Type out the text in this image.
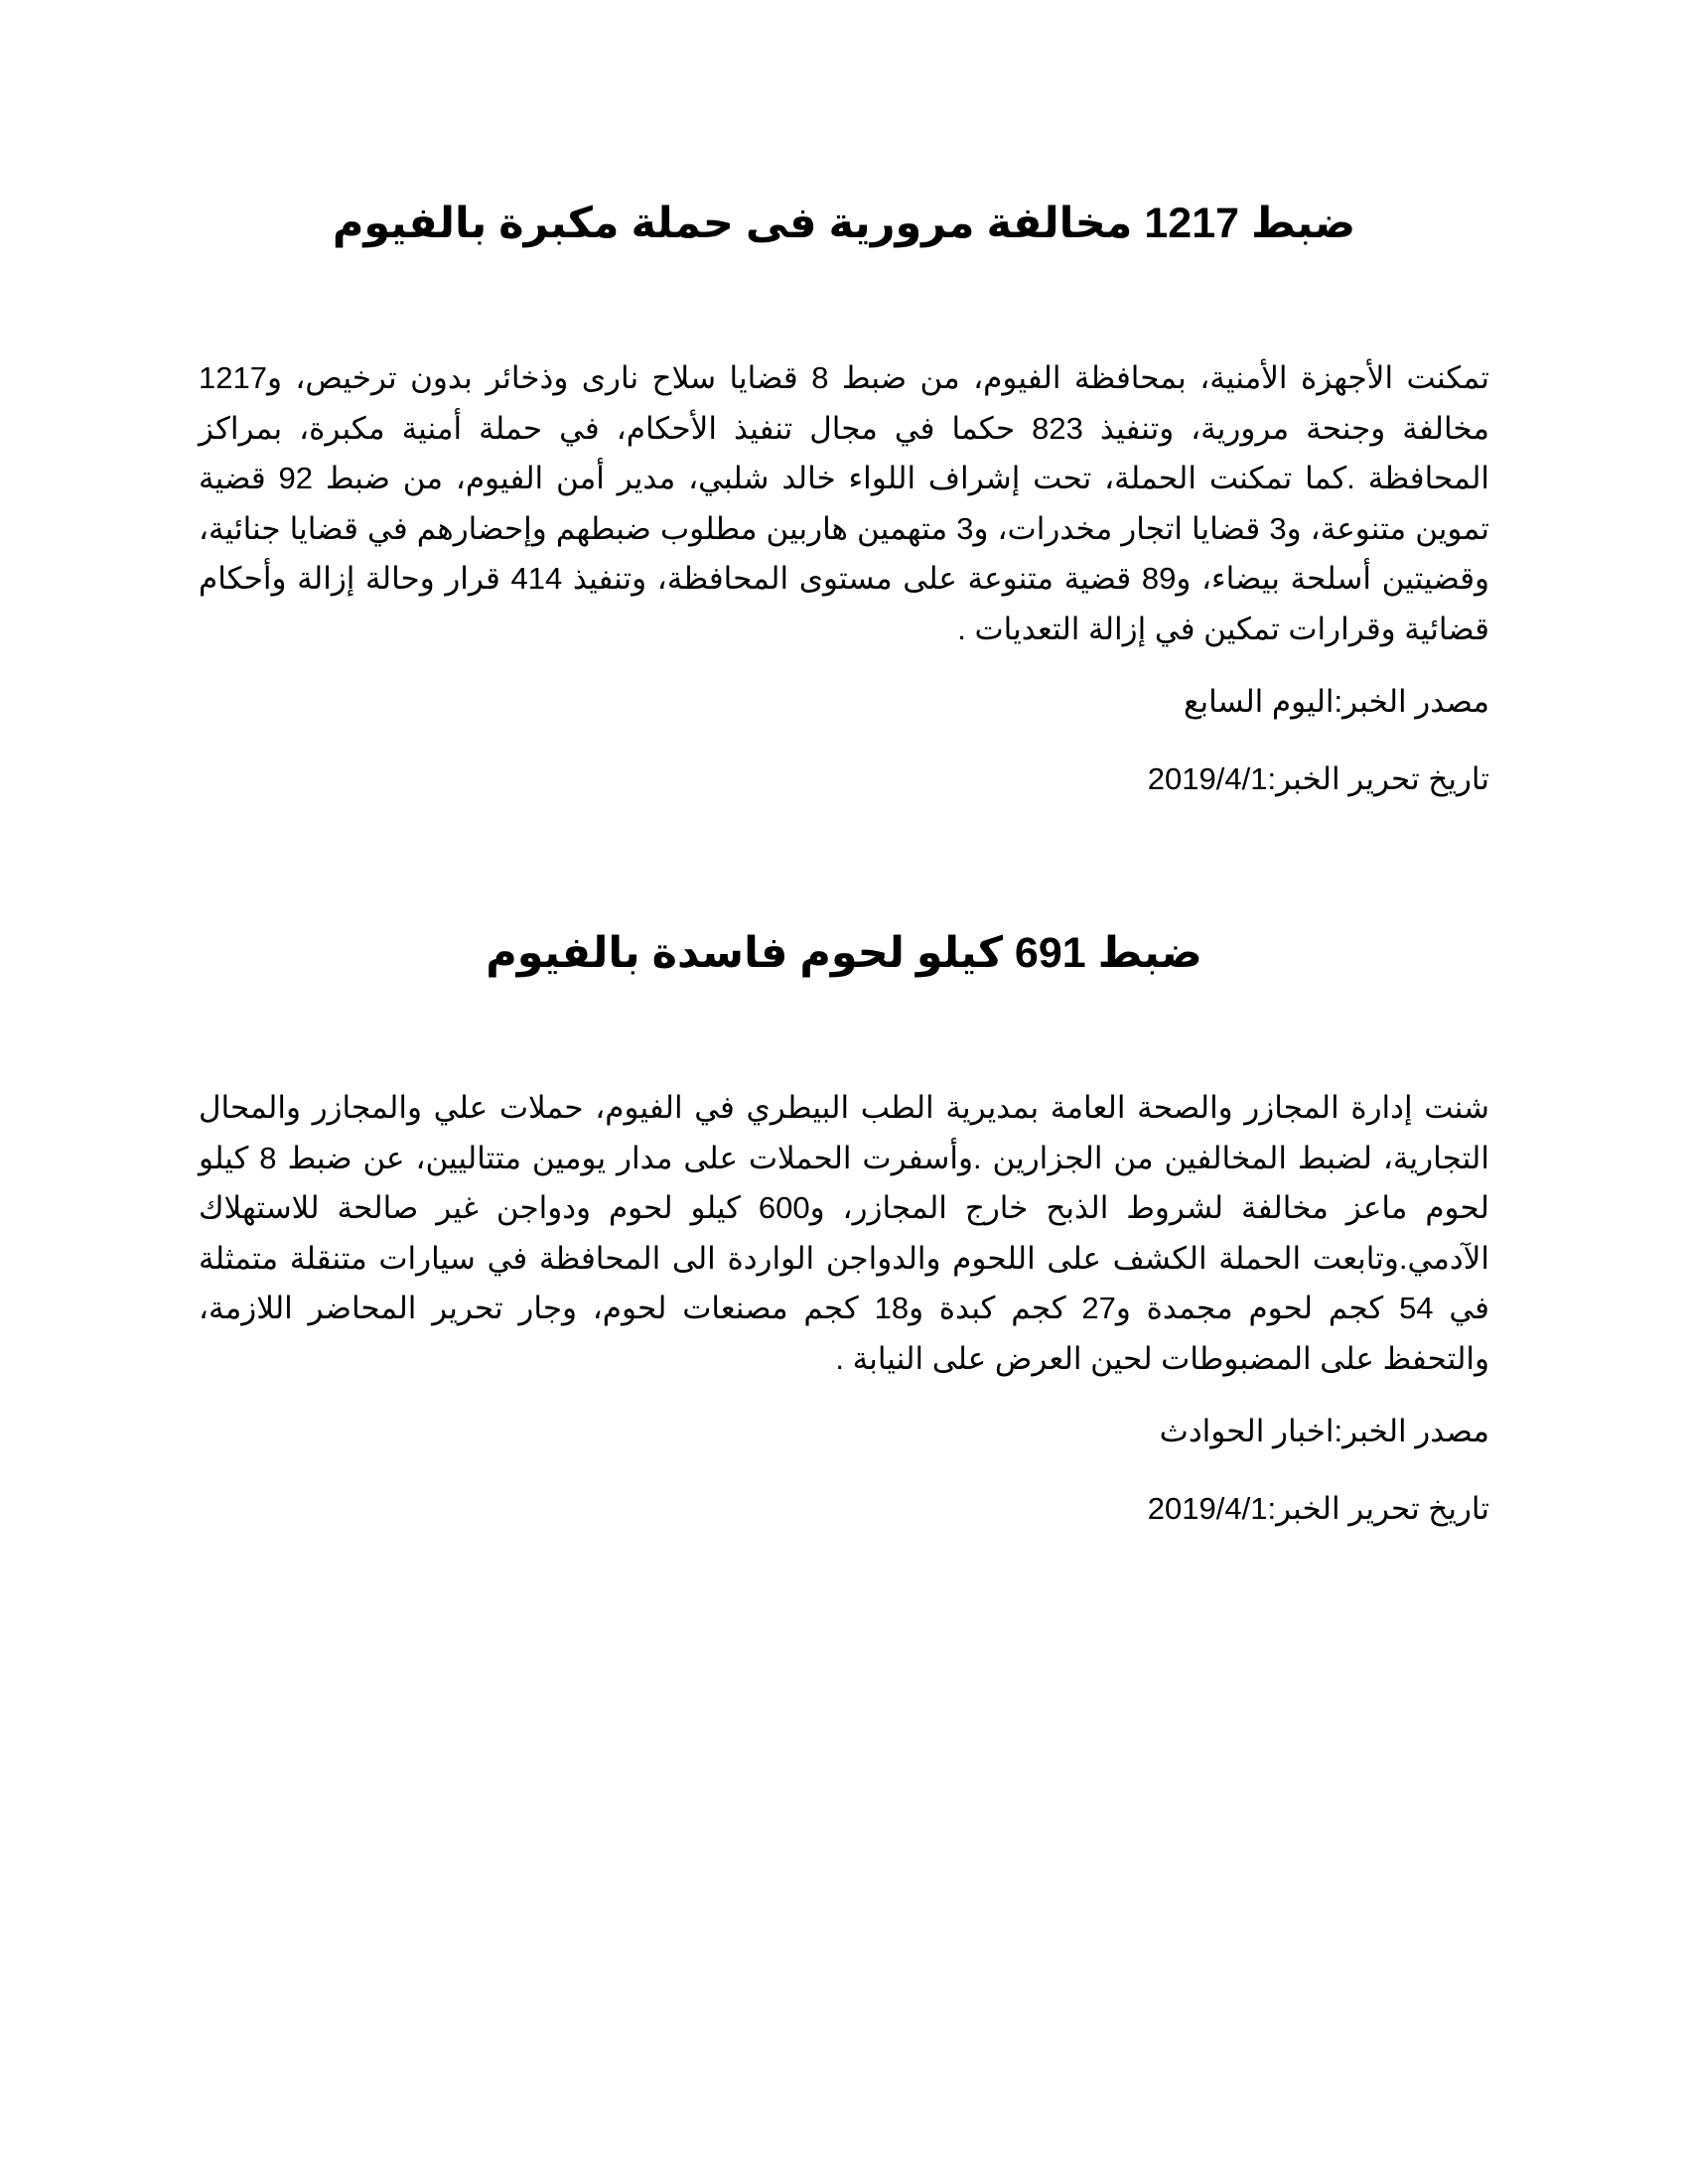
ضبط 1217 مخالفة مرورية فى حملة مكبرة بالفيوم

تمكنت الأجهزة الأمنية، بمحافظة الفيوم، من ضبط 8 قضايا سلاح نارى وذخائر بدون ترخيص، و1217 مخالفة وجنحة مرورية، وتنفيذ 823 حكما في مجال تنفيذ الأحكام، في حملة أمنية مكبرة، بمراكز المحافظة .كما تمكنت الحملة، تحت إشراف اللواء خالد شلبي، مدير أمن الفيوم، من ضبط 92 قضية تموين متنوعة، و3 قضايا اتجار مخدرات، و3 متهمين هاربين مطلوب ضبطهم وإحضارهم في قضايا جنائية، وقضيتين أسلحة بيضاء، و89 قضية متنوعة على مستوى المحافظة، وتنفيذ 414 قرار وحالة إزالة وأحكام قضائية وقرارات تمكين في إزالة التعديات .

مصدر الخبر:اليوم السابع

تاريخ تحرير الخبر:2019/4/1

ضبط 691 كيلو لحوم فاسدة بالفيوم

شنت إدارة المجازر والصحة العامة بمديرية الطب البيطري في الفيوم، حملات علي والمجازر والمحال التجارية، لضبط المخالفين من الجزارين .وأسفرت الحملات على مدار يومين متتاليين، عن ضبط 8 كيلو لحوم ماعز مخالفة لشروط الذبح خارج المجازر، و600 كيلو لحوم ودواجن غير صالحة للاستهلاك الآدمي.وتابعت الحملة الكشف على اللحوم والدواجن الواردة الى المحافظة في سيارات متنقلة متمثلة في 54 كجم لحوم مجمدة و27 كجم كبدة و18 كجم مصنعات لحوم، وجار تحرير المحاضر اللازمة، والتحفظ على المضبوطات لحين العرض على النيابة .

مصدر الخبر:اخبار الحوادث

تاريخ تحرير الخبر:2019/4/1
